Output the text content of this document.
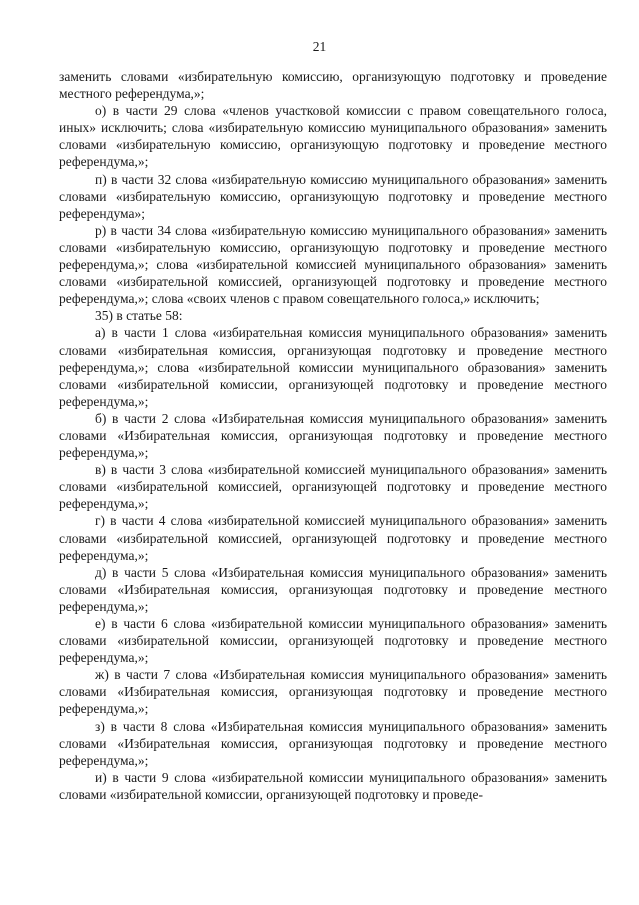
21

заменить словами «избирательную комиссию, организующую подготовку и проведение местного референдума,»;

о) в части 29 слова «членов участковой комиссии с правом совещательного голоса, иных» исключить; слова «избирательную комиссию муниципального образования» заменить словами «избирательную комиссию, организующую подготовку и проведение местного референдума,»;

п) в части 32 слова «избирательную комиссию муниципального образования» заменить словами «избирательную комиссию, организующую подготовку и проведение местного референдума»;

р) в части 34 слова «избирательную комиссию муниципального образования» заменить словами «избирательную комиссию, организующую подготовку и проведение местного референдума,»; слова «избирательной комиссией муниципального образования» заменить словами «избирательной комиссией, организующей подготовку и проведение местного референдума,»; слова «своих членов с правом совещательного голоса,» исключить;

35) в статье 58:

а) в части 1 слова «избирательная комиссия муниципального образования» заменить словами «избирательная комиссия, организующая подготовку и проведение местного референдума,»; слова «избирательной комиссии муниципального образования» заменить словами «избирательной комиссии, организующей подготовку и проведение местного референдума,»;

б) в части 2 слова «Избирательная комиссия муниципального образования» заменить словами «Избирательная комиссия, организующая подготовку и проведение местного референдума,»;

в) в части 3 слова «избирательной комиссией муниципального образования» заменить словами «избирательной комиссией, организующей подготовку и проведение местного референдума,»;

г) в части 4 слова «избирательной комиссией муниципального образования» заменить словами «избирательной комиссией, организующей подготовку и проведение местного референдума,»;

д) в части 5 слова «Избирательная комиссия муниципального образования» заменить словами «Избирательная комиссия, организующая подготовку и проведение местного референдума,»;

е) в части 6 слова «избирательной комиссии муниципального образования» заменить словами «избирательной комиссии, организующей подготовку и проведение местного референдума,»;

ж) в части 7 слова «Избирательная комиссия муниципального образования» заменить словами «Избирательная комиссия, организующая подготовку и проведение местного референдума,»;

з) в части 8 слова «Избирательная комиссия муниципального образования» заменить словами «Избирательная комиссия, организующая подготовку и проведение местного референдума,»;

и) в части 9 слова «избирательной комиссии муниципального образования» заменить словами «избирательной комиссии, организующей подготовку и проведе-
